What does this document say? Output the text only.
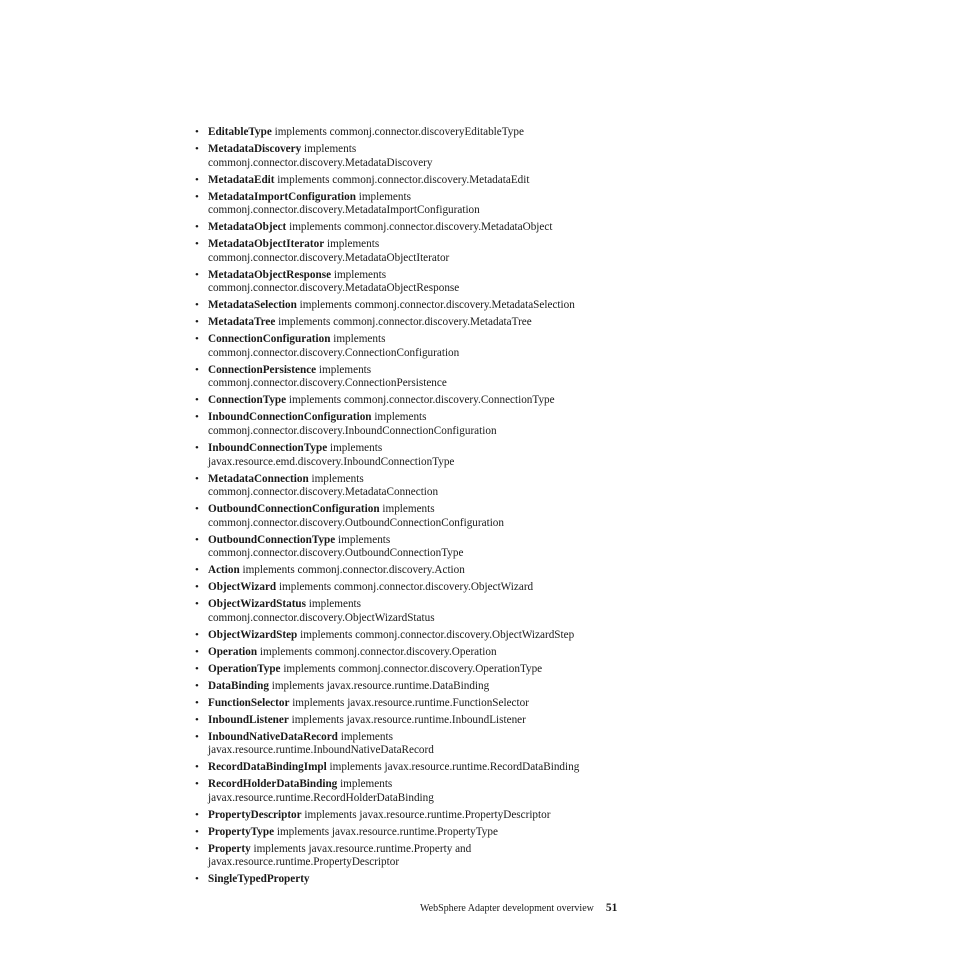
• EditableType implements commonj.connector.discoveryEditableType
• MetadataDiscovery implements
commonj.connector.discovery.MetadataDiscovery
• MetadataEdit implements commonj.connector.discovery.MetadataEdit
• MetadataImportConfiguration implements
commonj.connector.discovery.MetadataImportConfiguration
• MetadataObject implements commonj.connector.discovery.MetadataObject
• MetadataObjectIterator implements
commonj.connector.discovery.MetadataObjectIterator
• MetadataObjectResponse implements
commonj.connector.discovery.MetadataObjectResponse
• MetadataSelection implements commonj.connector.discovery.MetadataSelection
• MetadataTree implements commonj.connector.discovery.MetadataTree
• ConnectionConfiguration implements
commonj.connector.discovery.ConnectionConfiguration
• ConnectionPersistence implements
commonj.connector.discovery.ConnectionPersistence
• ConnectionType implements commonj.connector.discovery.ConnectionType
• InboundConnectionConfiguration implements
commonj.connector.discovery.InboundConnectionConfiguration
• InboundConnectionType implements
javax.resource.emd.discovery.InboundConnectionType
• MetadataConnection implements
commonj.connector.discovery.MetadataConnection
• OutboundConnectionConfiguration implements
commonj.connector.discovery.OutboundConnectionConfiguration
• OutboundConnectionType implements
commonj.connector.discovery.OutboundConnectionType
• Action implements commonj.connector.discovery.Action
• ObjectWizard implements commonj.connector.discovery.ObjectWizard
• ObjectWizardStatus implements
commonj.connector.discovery.ObjectWizardStatus
• ObjectWizardStep implements commonj.connector.discovery.ObjectWizardStep
• Operation implements commonj.connector.discovery.Operation
• OperationType implements commonj.connector.discovery.OperationType
• DataBinding implements javax.resource.runtime.DataBinding
• FunctionSelector implements javax.resource.runtime.FunctionSelector
• InboundListener implements javax.resource.runtime.InboundListener
• InboundNativeDataRecord implements
javax.resource.runtime.InboundNativeDataRecord
• RecordDataBindingImpl implements javax.resource.runtime.RecordDataBinding
• RecordHolderDataBinding implements
javax.resource.runtime.RecordHolderDataBinding
• PropertyDescriptor implements javax.resource.runtime.PropertyDescriptor
• PropertyType implements javax.resource.runtime.PropertyType
• Property implements javax.resource.runtime.Property and
javax.resource.runtime.PropertyDescriptor
• SingleTypedProperty
WebSphere Adapter development overview 51
